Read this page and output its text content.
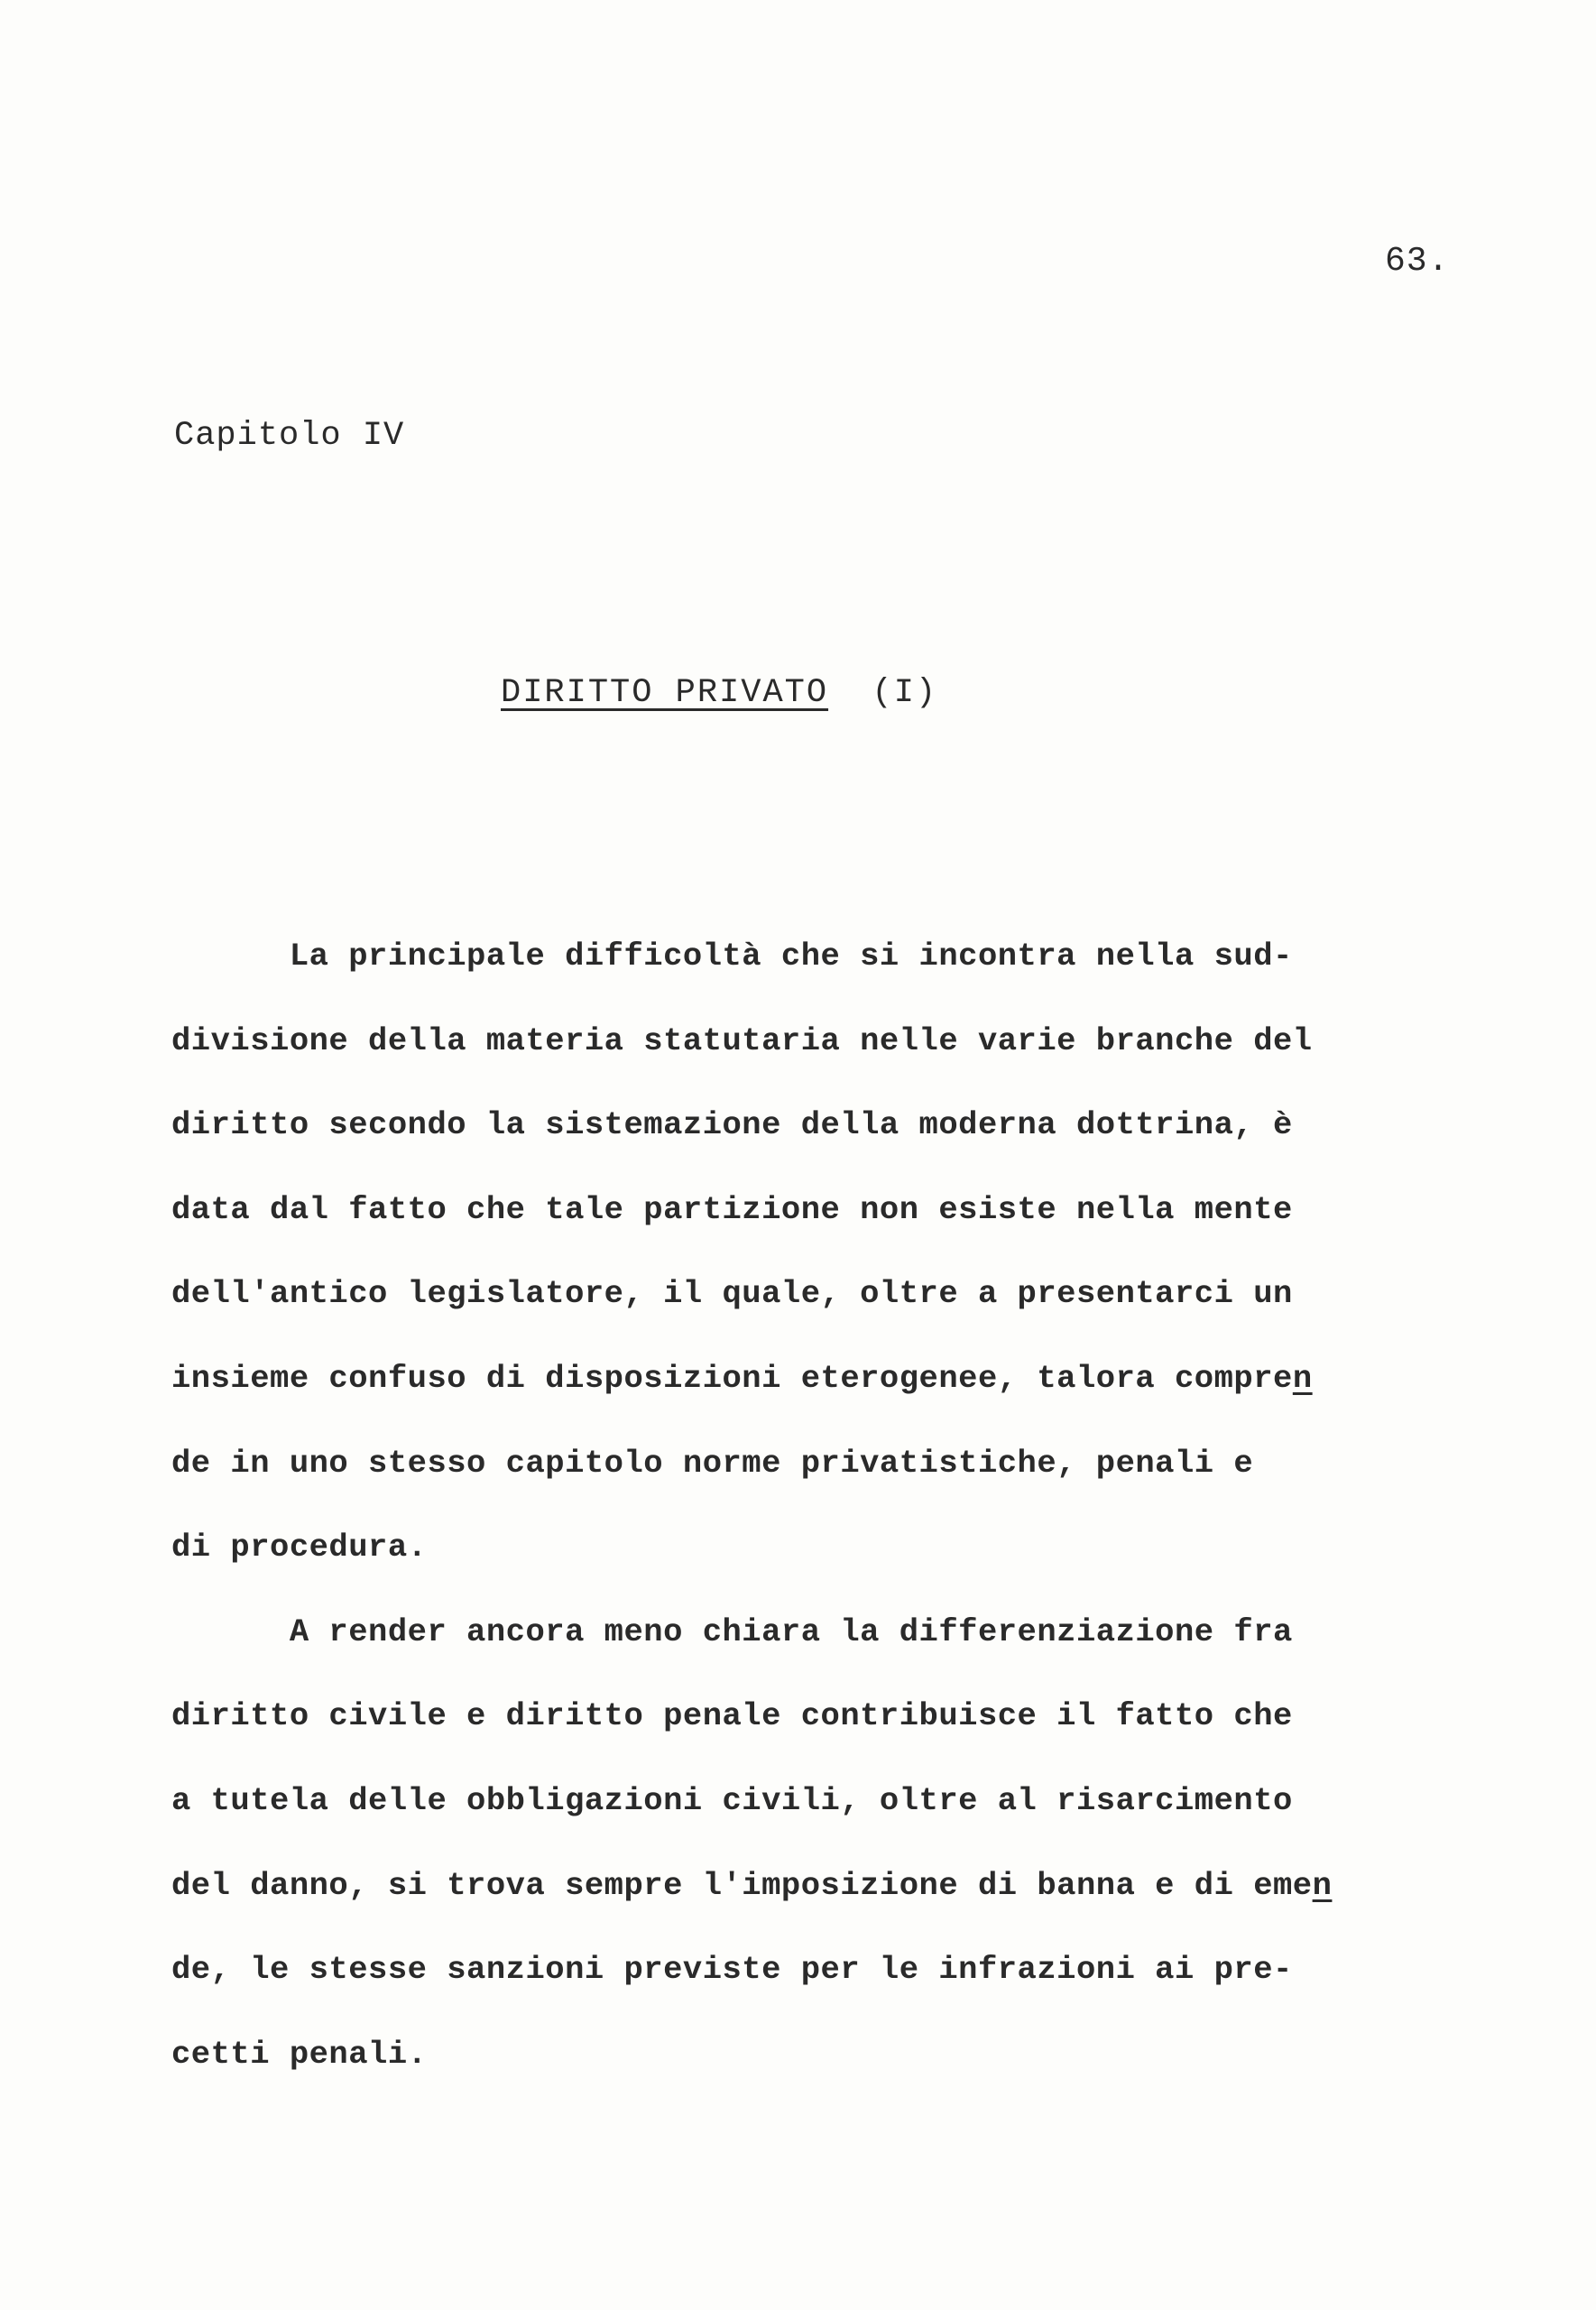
63.
Capitolo IV
DIRITTO PRIVATO (I)
La principale difficoltà che si incontra nella sud-
divisione della materia statutaria nelle varie branche del
diritto secondo la sistemazione della moderna dottrina, è
data dal fatto che tale partizione non esiste nella mente
dell'antico legislatore, il quale, oltre a presentarci un
insieme confuso di disposizioni eterogenee, talora compren
de in uno stesso capitolo norme privatistiche, penali e
di procedura.
A render ancora meno chiara la differenziazione fra
diritto civile e diritto penale contribuisce il fatto che
a tutela delle obbligazioni civili, oltre al risarcimento
del danno, si trova sempre l'imposizione di banna e di emen
de, le stesse sanzioni previste per le infrazioni ai pre-
cetti penali.
